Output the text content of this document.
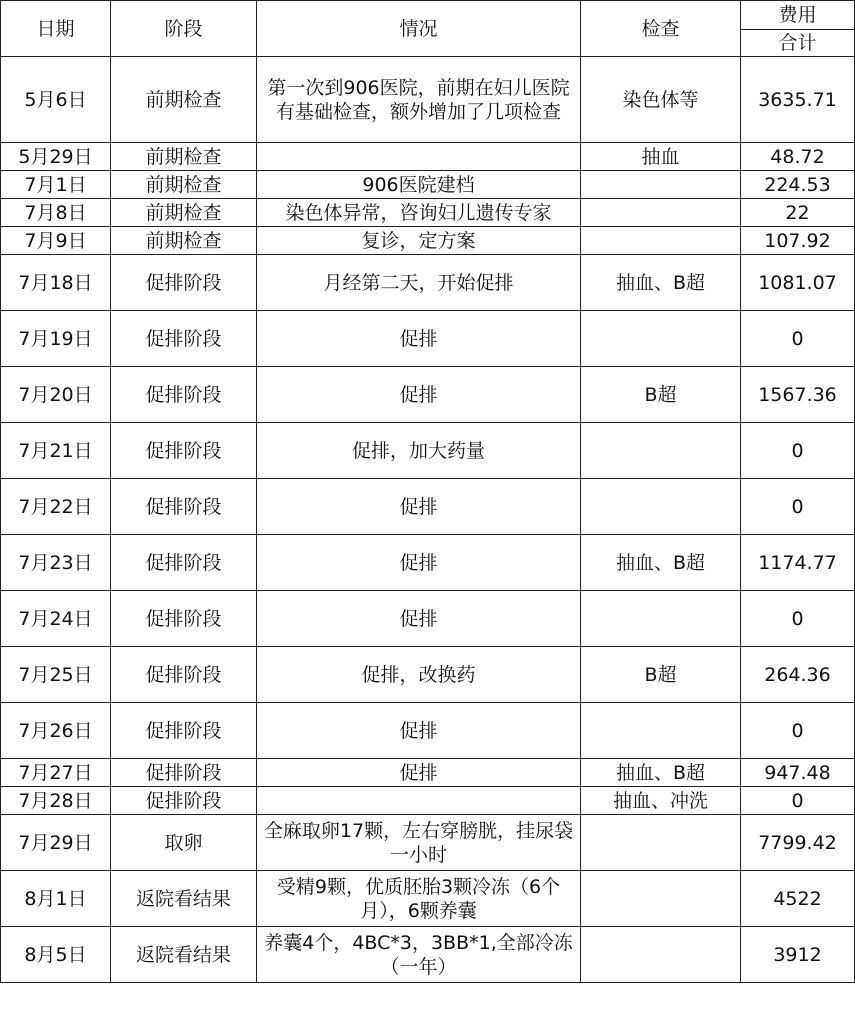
日期	阶段	情况	检查	费用
				合计
5月6日	前期检查	第一次到906医院，前期在妇儿医院有基础检查，额外增加了几项检查	染色体等	3635.71
5月29日	前期检查		抽血	48.72
7月1日	前期检查	906医院建档		224.53
7月8日	前期检查	染色体异常，咨询妇儿遗传专家		22
7月9日	前期检查	复诊，定方案		107.92
7月18日	促排阶段	月经第二天，开始促排	抽血、B超	1081.07
7月19日	促排阶段	促排		0
7月20日	促排阶段	促排	B超	1567.36
7月21日	促排阶段	促排，加大药量		0
7月22日	促排阶段	促排		0
7月23日	促排阶段	促排	抽血、B超	1174.77
7月24日	促排阶段	促排		0
7月25日	促排阶段	促排，改换药	B超	264.36
7月26日	促排阶段	促排		0
7月27日	促排阶段	促排	抽血、B超	947.48
7月28日	促排阶段		抽血、冲洗	0
7月29日	取卵	全麻取卵17颗，左右穿膀胱，挂尿袋一小时		7799.42
8月1日	返院看结果	受精9颗，优质胚胎3颗冷冻（6个月），6颗养囊		4522
8月5日	返院看结果	养囊4个，4BC*3，3BB*1,全部冷冻（一年）		3912
